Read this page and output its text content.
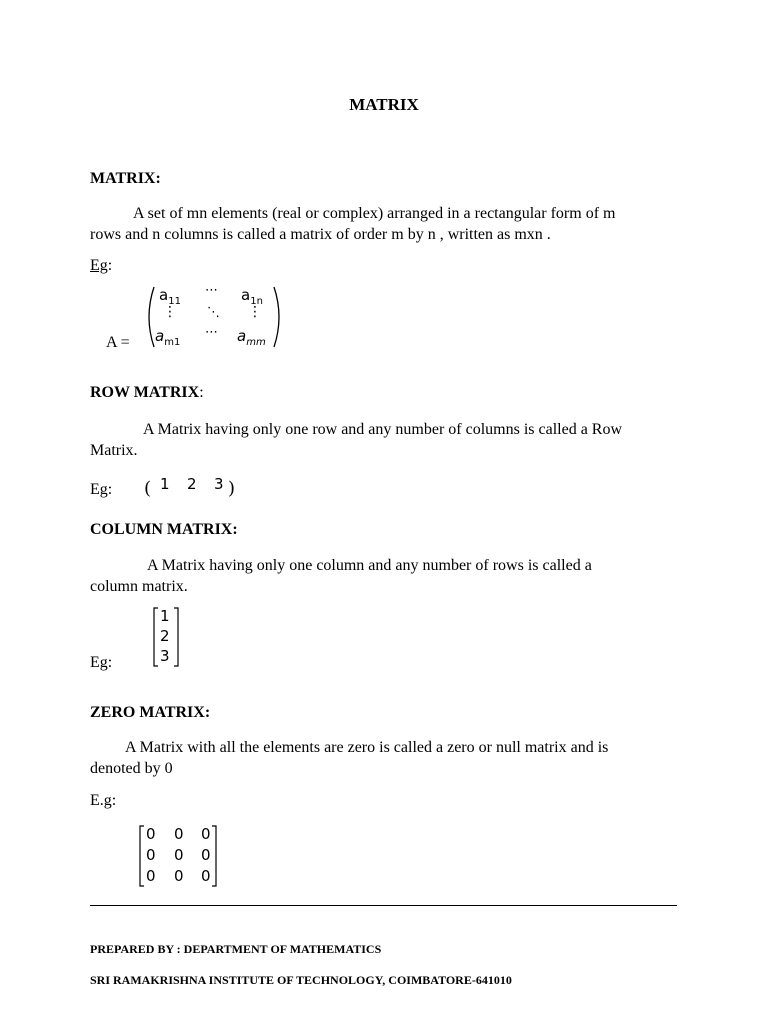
MATRIX
MATRIX:
A set of mn elements (real or complex) arranged in a rectangular form of m
rows and n columns is called a matrix of order m by n , written as mxn .
Eg:
A =
$a_{11}$
⋯ $a_{1n}$
⋮ ⋱ ⋮
$a_{m1}$
⋯ $a_{mm}$
ROW MATRIX:
A Matrix having only one row and any number of columns is called a Row
Matrix.
Eg: ( 1 2 3 )
COLUMN MATRIX:
A Matrix having only one column and any number of rows is called a
column matrix.
Eg:
1
2
3
ZERO MATRIX:
A Matrix with all the elements are zero is called a zero or null matrix and is
denoted by 0
E.g:
0 0 0
0 0 0
0 0 0
PREPARED BY : DEPARTMENT OF MATHEMATICS
SRI RAMAKRISHNA INSTITUTE OF TECHNOLOGY, COIMBATORE-641010
